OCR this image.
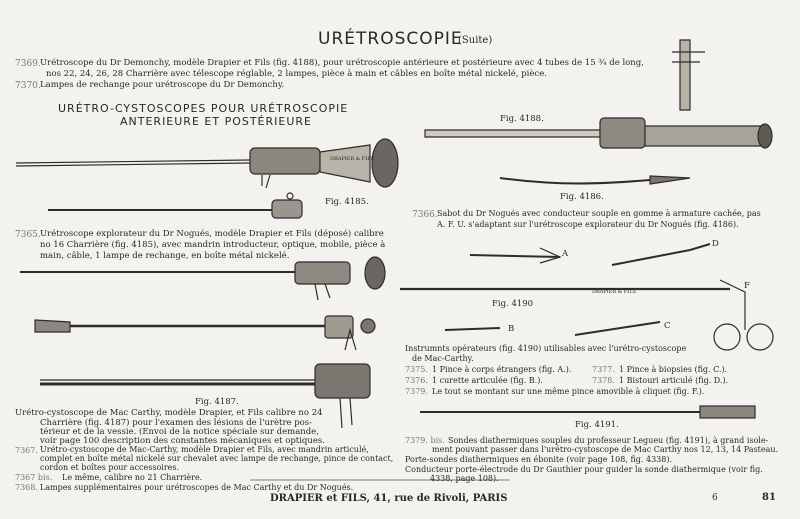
URÉTROSCOPIE
(Suite)
7369. Urétroscope du Dr Demonchy, modèle Drapier et Fils (fig. 4188), pour urétroscopie antérieure et postérieure avec 4 tubes de 15 ¾ de long,
nos 22, 24, 26, 28 Charrière avec télescope réglable, 2 lampes, pièce à main et câbles en boîte métal nickelé, pièce.
7370. Lampes de rechange pour urétroscope du Dr Demonchy.
URÉTRO-CYSTOSCOPES POUR URÉTROSCOPIE
ANTERIEURE ET POSTÉRIEURE
Fig. 4185.	Fig. 4186.
Fig. 4187.
Fig. 4188.
Fig. 4190
Fig. 4191.
DRAPIER & FILS
DRAPIER & FILS
A
B	C
D
F
7365. Urétroscope explorateur du Dr Nogués, modèle Drapier et Fils (déposé) calibre
no 16 Charrière (fig. 4185), avec mandrin introducteur, optique, mobile, pièce à
main, câble, 1 lampe de rechange, en boîte métal nickelé.
7366. Sabot du Dr Nogués avec conducteur souple en gomme à armature cachée, pas
A. F. U. s'adaptant sur l'urétroscope explorateur du Dr Nogués (fig. 4186).
Instrumnts opérateurs (fig. 4190) utilisables avec l'urétro-cystoscope
de Mac-Carthy.
7375. 1 Pince à corps étrangers (fig. A.).	7377. 1 Pince à biopsies (fig. C.).
7376. 1 curette articulée (fig. B.).	7378. 1 Bistouri articulé (fig. D.).
7379. Le tout se montant sur une même pince amovible à cliquet (fig. F.).
Urétro-cystoscope de Mac Carthy, modèle Drapier, et Fils calibre no 24
Charrière (fig. 4187) pour l'examen des lésions de l'urètre pos-
térieur et de la vessie. (Envoi de la notice spéciale sur demande,
voir page 100 description des constantes mécaniques et optiques.
7367. Urétro-cystoscope de Mac-Carthy, modèle Drapier et Fils, avec mandrin articulé,
complet en boîte métal nickelé sur chevalet avec lampe de rechange, pince de contact,
cordon et boîtes pour accessoires.
7367 bis. Le même, calibre no 21 Charrière.
7368. Lampes supplémentaires pour urétroscopes de Mac Carthy et du Dr Nogués.
7379. bis. Sondes diathermiques souples du professeur Legueu (fig. 4191), à grand isole-
ment pouvant passer dans l'urétro-cystoscope de Mac Carthy nos 12, 13, 14 Pasteau.
Porte-sondes diathermiques en ébonite (voir page 108, fig. 4338).
Conducteur porte-électrode du Dr Gauthier pour guider la sonde diathermique (voir fig.
4338, page 108).
DRAPIER et FILS, 41, rue de Rivoli, PARIS	6	81
